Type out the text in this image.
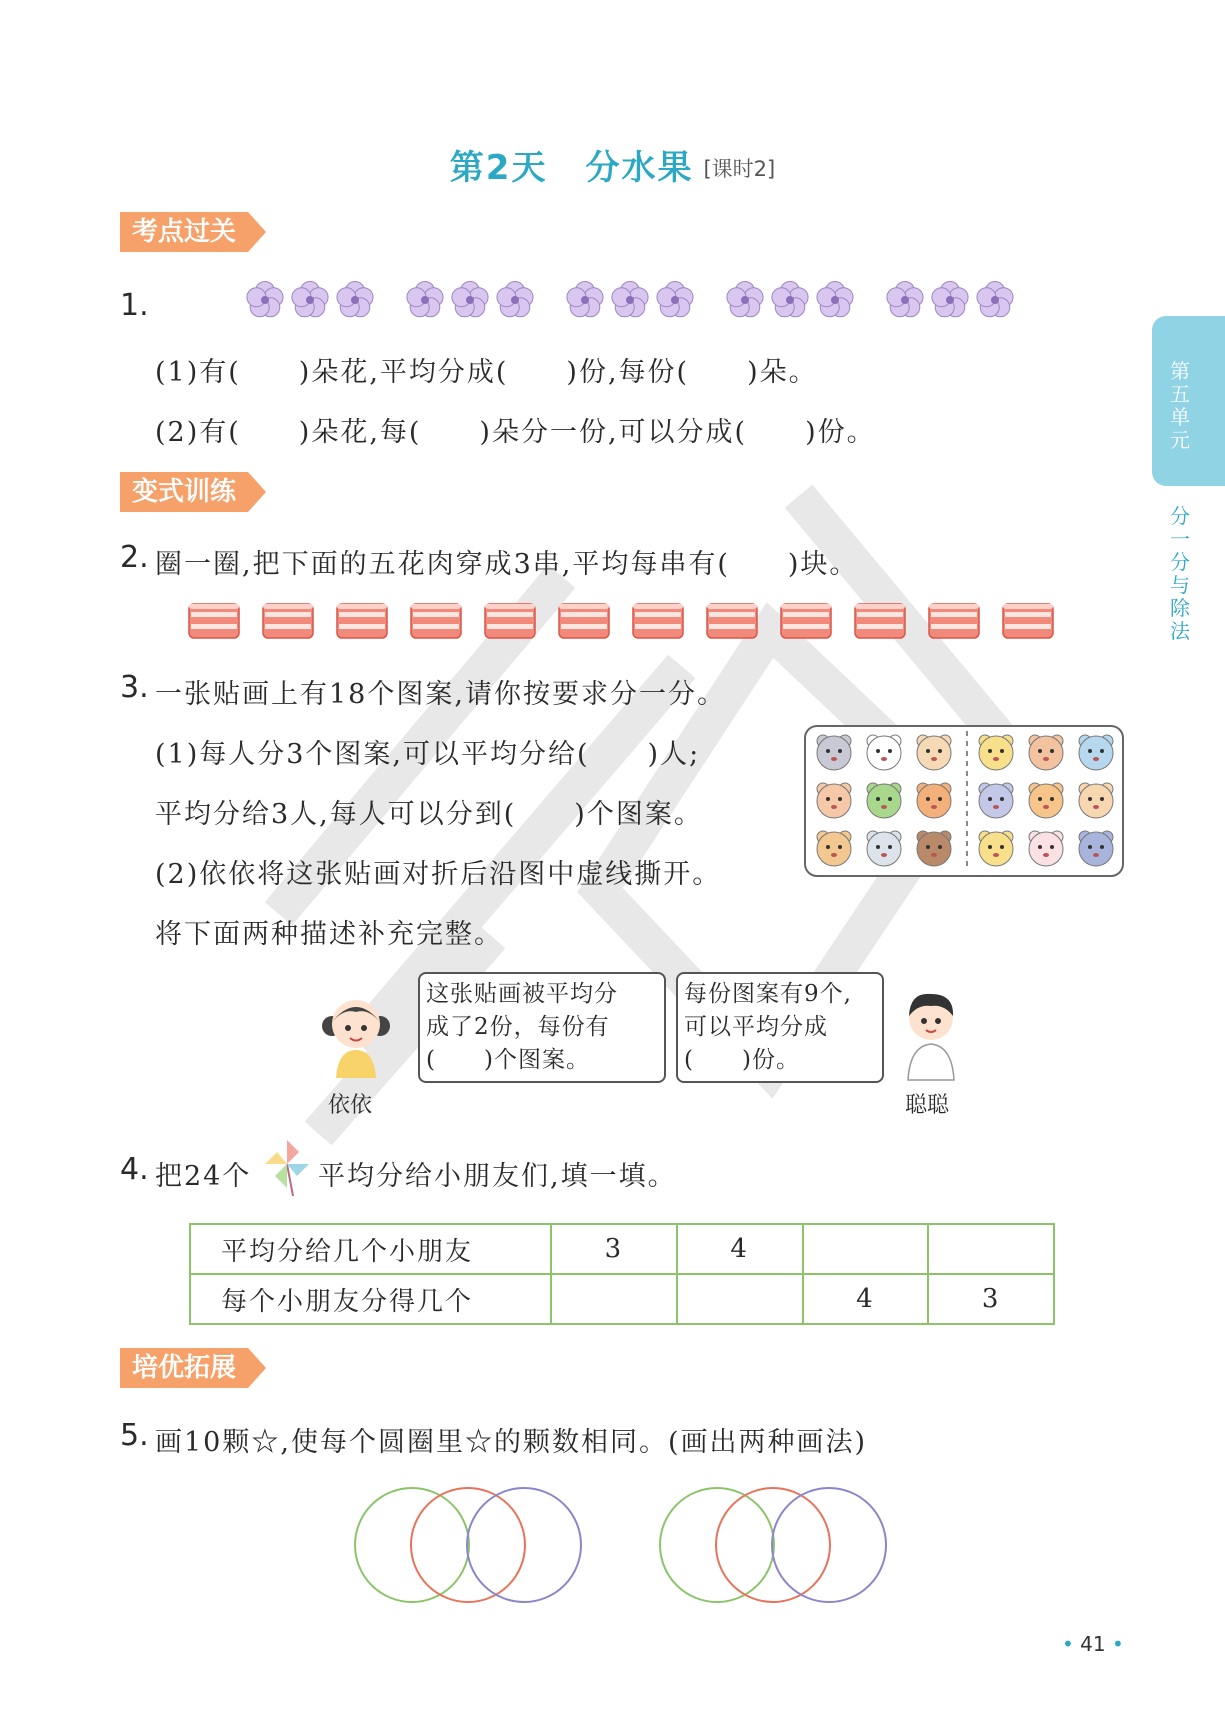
第2天 分水果 [课时2]
第五单元
分一分与除法
考点过关
1.
(1)有(　　)朵花,平均分成(　　)份,每份(　　)朵。
(2)有(　　)朵花,每(　　)朵分一份,可以分成(　　)份。
变式训练
2. 圈一圈,把下面的五花肉穿成3串,平均每串有(　　)块。
3. 一张贴画上有18个图案,请你按要求分一分。
(1)每人分3个图案,可以平均分给(　　)人;
平均分给3人,每人可以分到(　　)个图案。
(2)依依将这张贴画对折后沿图中虚线撕开。
将下面两种描述补充完整。
依依
这张贴画被平均分
成了2份，每份有
(　　)个图案。
每份图案有9个,
可以平均分成
(　　)份。
聪聪
4. 把24个 平均分给小朋友们,填一填。
平均分给几个小朋友	3	4		
每个小朋友分得几个			4	3
培优拓展
5. 画10颗☆,使每个圆圈里☆的颗数相同。(画出两种画法)
• 41 •
